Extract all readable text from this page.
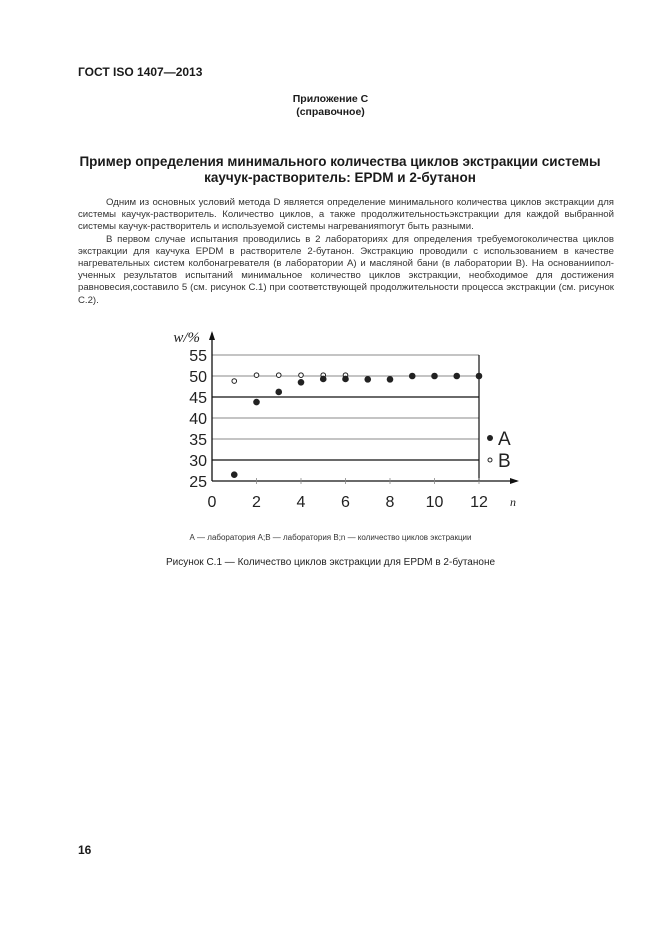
ГОСТ ISO 1407—2013
Приложение С
(справочное)
Пример определения минимального количества циклов экстракции системы
каучук-растворитель: EPDM и 2-бутанон

Одним из основных условий метода D является определение минимального количества циклов экстракции для системы каучук-растворитель. Количество циклов, а также продолжительностьэкстракции для каждой выбранной системы каучук-растворитель и используемой системы нагреванияmогут быть разными.

В первом случае испытания проводились в 2 лабораториях для определения требуемогоколичества циклов экстракции для каучука EPDM в растворителе 2-бутанон. Экстракцию проводили с использованием в качестве нагревательных систем колбонагревателя (в лаборатории А) и масляной бани (в лаборатории В). На основанииполученных результатов испытаний минимальное количество циклов экстракции, необходимое для достижения равновесия,составило 5 (см. рисунок С.1) при соответствующей продолжительности процесса экстракции (см. рисунок С.2).

25
30
35
40
45
50
55
0 2 4 6 8 10 12
w/%
n
A
B
А — лаборатория А;В — лаборатория В;n — количество циклов экстракции
Рисунок С.1 — Количество циклов экстракции для EPDM в 2-бутаноне
16
